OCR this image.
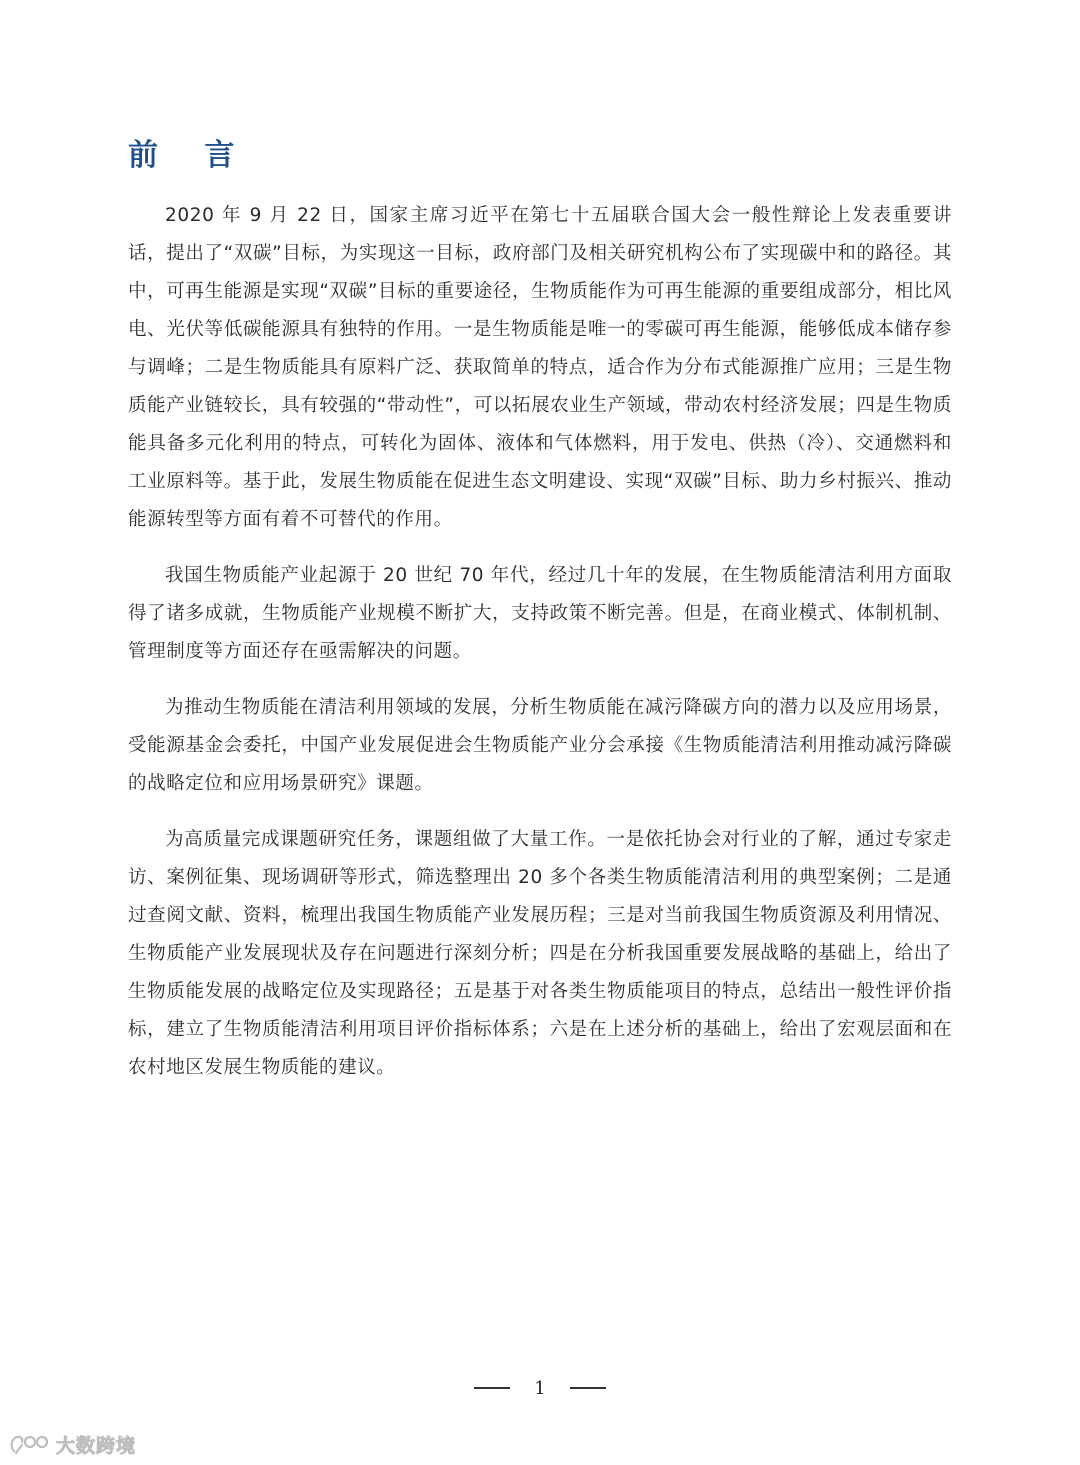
前 言

2020 年 9 月 22 日，国家主席习近平在第七十五届联合国大会一般性辩论上发表重要讲话，提出了“双碳”目标，为实现这一目标，政府部门及相关研究机构公布了实现碳中和的路径。其中，可再生能源是实现“双碳”目标的重要途径，生物质能作为可再生能源的重要组成部分，相比风电、光伏等低碳能源具有独特的作用。一是生物质能是唯一的零碳可再生能源，能够低成本储存参与调峰；二是生物质能具有原料广泛、获取简单的特点，适合作为分布式能源推广应用；三是生物质能产业链较长，具有较强的“带动性”，可以拓展农业生产领域，带动农村经济发展；四是生物质能具备多元化利用的特点，可转化为固体、液体和气体燃料，用于发电、供热（冷）、交通燃料和工业原料等。基于此，发展生物质能在促进生态文明建设、实现“双碳”目标、助力乡村振兴、推动能源转型等方面有着不可替代的作用。

我国生物质能产业起源于 20 世纪 70 年代，经过几十年的发展，在生物质能清洁利用方面取得了诸多成就，生物质能产业规模不断扩大，支持政策不断完善。但是，在商业模式、体制机制、管理制度等方面还存在亟需解决的问题。

为推动生物质能在清洁利用领域的发展，分析生物质能在减污降碳方向的潜力以及应用场景，受能源基金会委托，中国产业发展促进会生物质能产业分会承接《生物质能清洁利用推动减污降碳的战略定位和应用场景研究》课题。

为高质量完成课题研究任务，课题组做了大量工作。一是依托协会对行业的了解，通过专家走访、案例征集、现场调研等形式，筛选整理出 20 多个各类生物质能清洁利用的典型案例；二是通过查阅文献、资料，梳理出我国生物质能产业发展历程；三是对当前我国生物质资源及利用情况、生物质能产业发展现状及存在问题进行深刻分析；四是在分析我国重要发展战略的基础上，给出了生物质能发展的战略定位及实现路径；五是基于对各类生物质能项目的特点，总结出一般性评价指标，建立了生物质能清洁利用项目评价指标体系；六是在上述分析的基础上，给出了宏观层面和在农村地区发展生物质能的建议。

1
大数跨境
